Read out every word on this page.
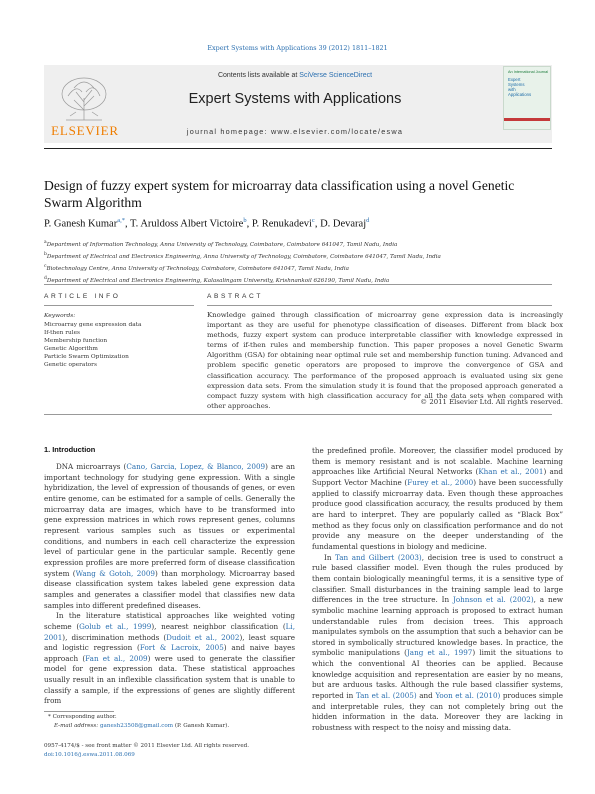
Expert Systems with Applications 39 (2012) 1811–1821
ELSEVIER
Contents lists available at SciVerse ScienceDirect
Expert Systems with Applications
journal homepage: www.elsevier.com/locate/eswa
An International Journal
Expert
Systems
with
Applications
Design of fuzzy expert system for microarray data classification using a novel Genetic Swarm Algorithm
P. Ganesh Kumar$^{a,*}$, T. Aruldoss Albert Victoire$^b$, P. Renukadevi$^c$, D. Devaraj$^d$
$^a$Department of Information Technology, Anna University of Technology, Coimbatore, Coimbatore 641047, Tamil Nadu, India
$^b$Department of Electrical and Electronics Engineering, Anna University of Technology, Coimbatore, Coimbatore 641047, Tamil Nadu, India
$^c$Biotechnology Centre, Anna University of Technology, Coimbatore, Coimbatore 641047, Tamil Nadu, India
$^d$Department of Electrical and Electronics Engineering, Kalasalingam University, Krishnankoil 626190, Tamil Nadu, India
ARTICLE INFO
Keywords:
Microarray gene expression data
If-then rules
Membership function
Genetic Algorithm
Particle Swarm Optimization
Genetic operators
ABSTRACT
Knowledge gained through classification of microarray gene expression data is increasingly important as they are useful for phenotype classification of diseases. Different from black box methods, fuzzy expert system can produce interpretable classifier with knowledge expressed in terms of if-then rules and membership function. This paper proposes a novel Genetic Swarm Algorithm (GSA) for obtaining near optimal rule set and membership function tuning. Advanced and problem specific genetic operators are proposed to improve the convergence of GSA and classification accuracy. The performance of the proposed approach is evaluated using six gene expression data sets. From the simulation study it is found that the proposed approach generated a compact fuzzy system with high classification accuracy for all the data sets when compared with other approaches.	© 2011 Elsevier Ltd. All rights reserved.
1. Introduction

DNA microarrays (Cano, Garcia, Lopez, & Blanco, 2009) are an important technology for studying gene expression. With a single hybridization, the level of expression of thousands of genes, or even entire genome, can be estimated for a sample of cells. Generally the microarray data are images, which have to be transformed into gene expression matrices in which rows represent genes, columns represent various samples such as tissues or experimental conditions, and numbers in each cell characterize the expression level of particular gene in the particular sample. Recently gene expression profiles are more preferred form of disease classification system (Wang & Gotoh, 2009) than morphology. Microarray based disease classification system takes labeled gene expression data samples and generates a classifier model that classifies new data samples into different predefined diseases.

In the literature statistical approaches like weighted voting scheme (Golub et al., 1999), nearest neighbor classification (Li, 2001), discrimination methods (Dudoit et al., 2002), least square and logistic regression (Fort & Lacroix, 2005) and naive bayes approach (Fan et al., 2009) were used to generate the classifier model for gene expression data. These statistical approaches usually result in an inflexible classification system that is unable to classify a sample, if the expressions of genes are slightly different from

the predefined profile. Moreover, the classifier model produced by them is memory resistant and is not scalable. Machine learning approaches like Artificial Neural Networks (Khan et al., 2001) and Support Vector Machine (Furey et al., 2000) have been successfully applied to classify microarray data. Even though these approaches produce good classification accuracy, the results produced by them are hard to interpret. They are popularly called as “Black Box” method as they focus only on classification performance and do not provide any measure on the deeper understanding of the fundamental questions in biology and medicine.

In Tan and Gilbert (2003), decision tree is used to construct a rule based classifier model. Even though the rules produced by them contain biologically meaningful terms, it is a sensitive type of classifier. Small disturbances in the training sample lead to large differences in the tree structure. In Johnson et al. (2002), a new symbolic machine learning approach is proposed to extract human understandable rules from decision trees. This approach manipulates symbols on the assumption that such a behavior can be stored in symbolically structured knowledge bases. In practice, the symbolic manipulations (Jang et al., 1997) limit the situations to which the conventional AI theories can be applied. Because knowledge acquisition and representation are easier by no means, but are arduous tasks. Although the rule based classifier systems, reported in Tan et al. (2005) and Yoon et al. (2010) produces simple and interpretable rules, they can not completely bring out the hidden information in the data. Moreover they are lacking in robustness with respect to the noisy and missing data.

* Corresponding author.
E-mail address: ganesh23508@gmail.com (P. Ganesh Kumar).
0957-4174/$ - see front matter © 2011 Elsevier Ltd. All rights reserved.
doi:10.1016/j.eswa.2011.08.069
